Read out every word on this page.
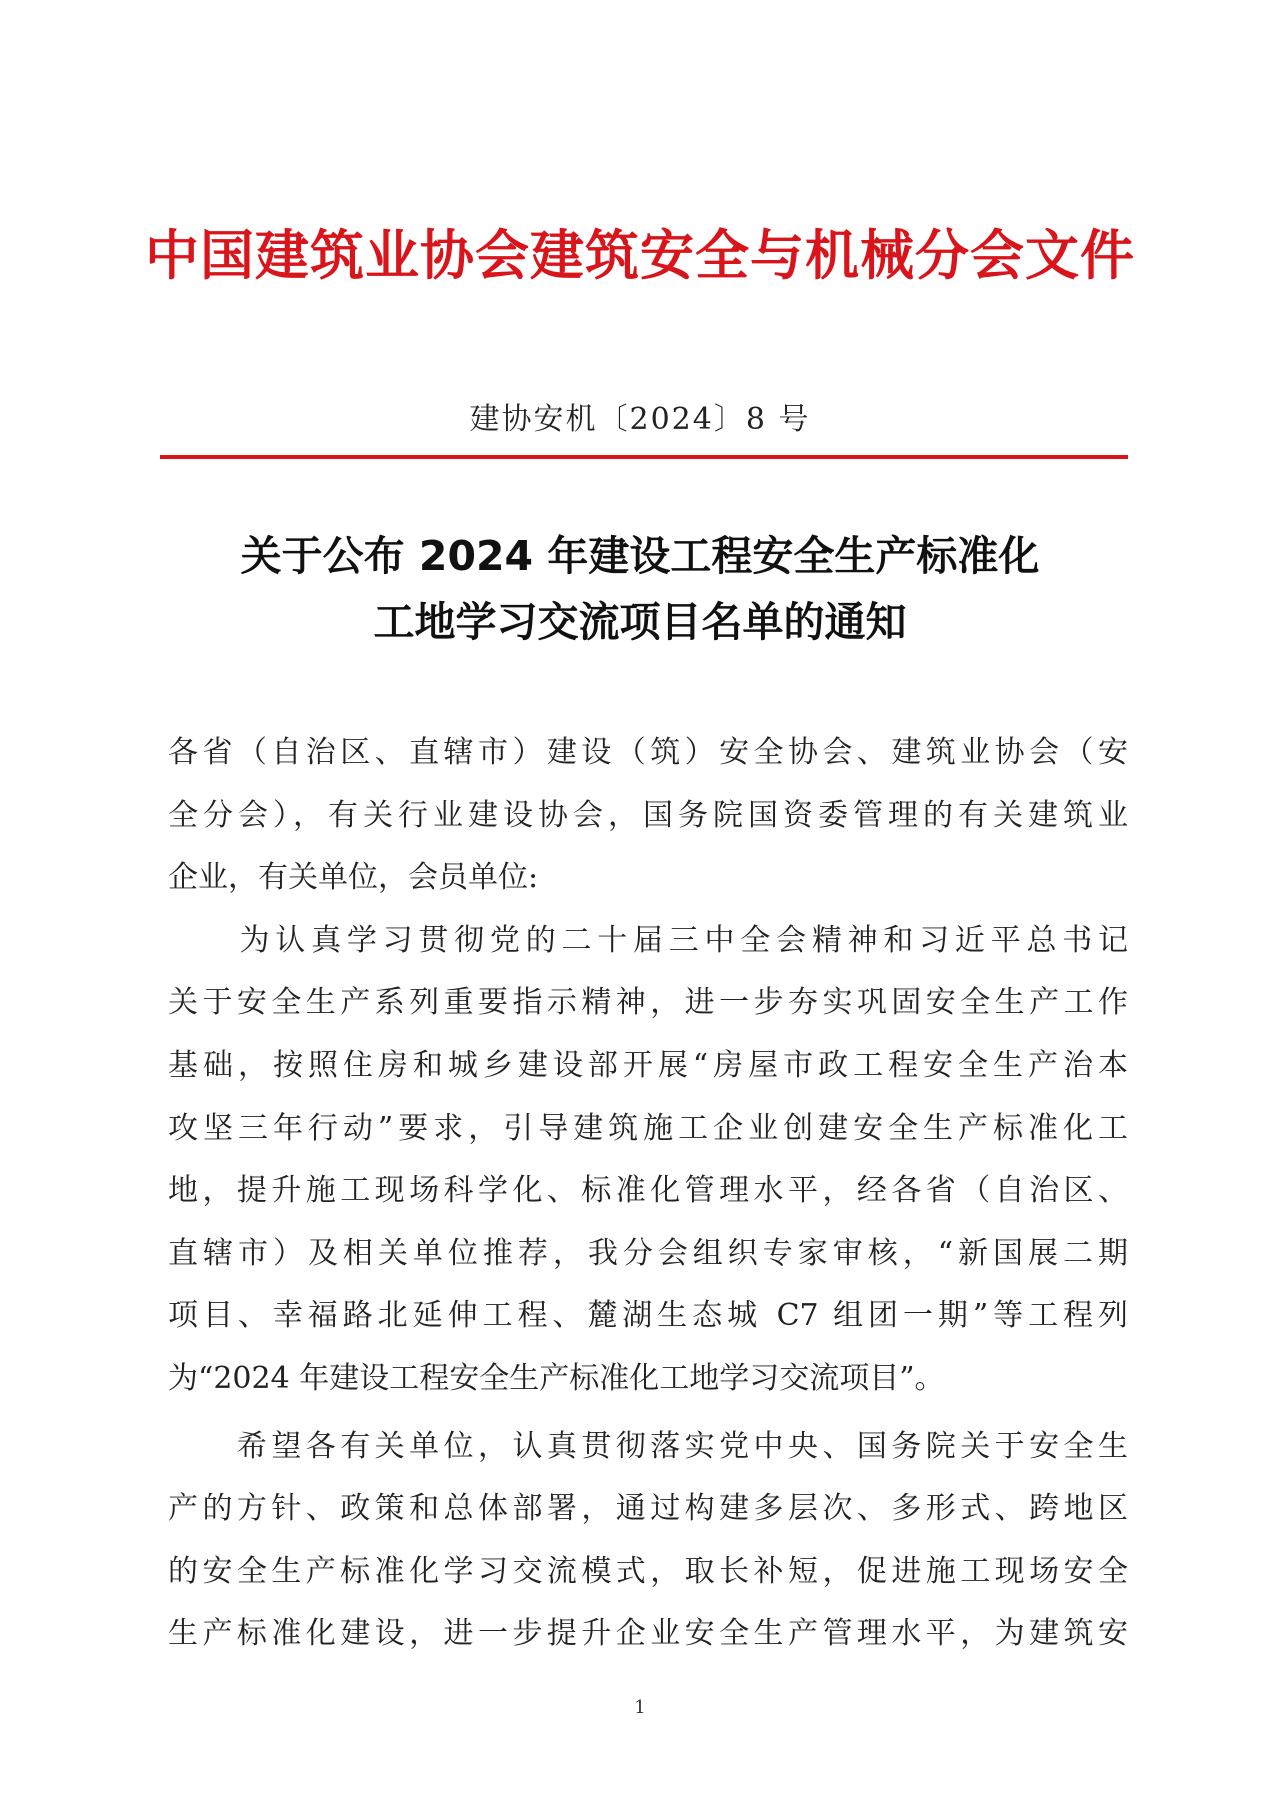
中国建筑业协会建筑安全与机械分会文件
建协安机〔2024〕8 号
关于公布 2024 年建设工程安全生产标准化
工地学习交流项目名单的通知
各省（自治区、直辖市）建设（筑）安全协会、建筑业协会（安
全分会），有关行业建设协会，国务院国资委管理的有关建筑业
企业，有关单位，会员单位:
　　为认真学习贯彻党的二十届三中全会精神和习近平总书记
关于安全生产系列重要指示精神，进一步夯实巩固安全生产工作
基础，按照住房和城乡建设部开展“房屋市政工程安全生产治本
攻坚三年行动”要求，引导建筑施工企业创建安全生产标准化工
地，提升施工现场科学化、标准化管理水平，经各省（自治区、
直辖市）及相关单位推荐，我分会组织专家审核，“新国展二期
项目、幸福路北延伸工程、麓湖生态城 C7 组团一期”等工程列
为“2024 年建设工程安全生产标准化工地学习交流项目”。
　　希望各有关单位，认真贯彻落实党中央、国务院关于安全生
产的方针、政策和总体部署，通过构建多层次、多形式、跨地区
的安全生产标准化学习交流模式，取长补短，促进施工现场安全
生产标准化建设，进一步提升企业安全生产管理水平，为建筑安
1
